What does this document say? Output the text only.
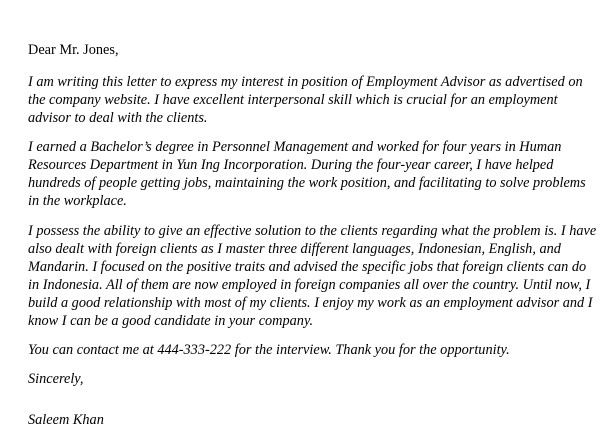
Dear Mr. Jones,

I am writing this letter to express my interest in position of Employment Advisor as advertised on the company website. I have excellent interpersonal skill which is crucial for an employment advisor to deal with the clients.

I earned a Bachelor’s degree in Personnel Management and worked for four years in Human Resources Department in Yun Ing Incorporation. During the four-year career, I have helped hundreds of people getting jobs, maintaining the work position, and facilitating to solve problems in the workplace.

I possess the ability to give an effective solution to the clients regarding what the problem is. I have also dealt with foreign clients as I master three different languages, Indonesian, English, and Mandarin. I focused on the positive traits and advised the specific jobs that foreign clients can do in Indonesia. All of them are now employed in foreign companies all over the country. Until now, I build a good relationship with most of my clients. I enjoy my work as an employment advisor and I know I can be a good candidate in your company.

You can contact me at 444-333-222 for the interview. Thank you for the opportunity.

Sincerely,
Saleem Khan
